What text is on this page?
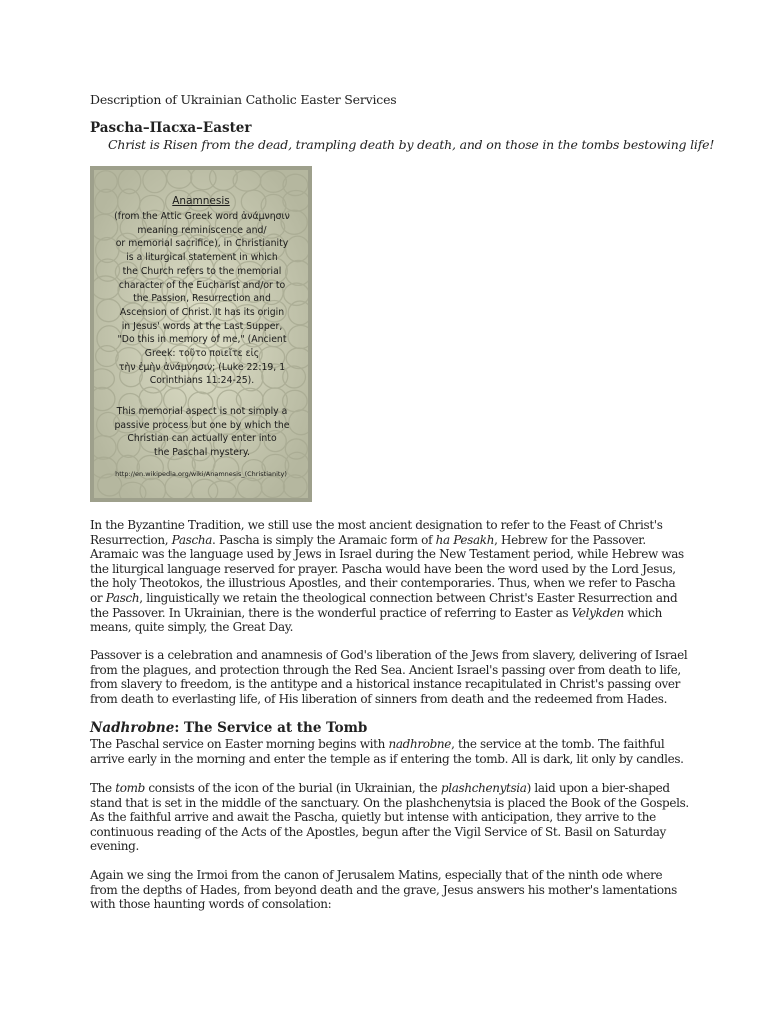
Description of Ukrainian Catholic Easter Services
Pascha–Пасха–Easter
Christ is Risen from the dead, trampling death by death, and on those in the tombs bestowing life!
Anamnesis
(from the Attic Greek word ἀνάμνησιν
meaning reminiscence and/
or memorial sacrifice), in Christianity
is a liturgical statement in which
the Church refers to the memorial
character of the Eucharist and/or to
the Passion, Resurrection and
Ascension of Christ. It has its origin
in Jesus' words at the Last Supper,
"Do this in memory of me," (Ancient
Greek: τοῦτο ποιεῖτε εἰς
τὴν ἐμὴν ἀνάμνησιν; (Luke 22:19, 1
Corinthians 11:24-25).
This memorial aspect is not simply a
passive process but one by which the
Christian can actually enter into
the Paschal mystery.
http://en.wikipedia.org/wiki/Anamnesis_(Christianity)
In the Byzantine Tradition, we still use the most ancient designation to refer to the Feast of Christ's Resurrection, Pascha. Pascha is simply the Aramaic form of ha Pesakh, Hebrew for the Passover. Aramaic was the language used by Jews in Israel during the New Testament period, while Hebrew was the liturgical language reserved for prayer. Pascha would have been the word used by the Lord Jesus, the holy Theotokos, the illustrious Apostles, and their contemporaries. Thus, when we refer to Pascha or Pasch, linguistically we retain the theological connection between Christ's Easter Resurrection and the Passover. In Ukrainian, there is the wonderful practice of referring to Easter as Velykden which means, quite simply, the Great Day.
Passover is a celebration and anamnesis of God's liberation of the Jews from slavery, delivering of Israel from the plagues, and protection through the Red Sea. Ancient Israel's passing over from death to life, from slavery to freedom, is the antitype and a historical instance recapitulated in Christ's passing over from death to everlasting life, of His liberation of sinners from death and the redeemed from Hades.
Nadhrobne: The Service at the Tomb
The Paschal service on Easter morning begins with nadhrobne, the service at the tomb. The faithful arrive early in the morning and enter the temple as if entering the tomb. All is dark, lit only by candles.
The tomb consists of the icon of the burial (in Ukrainian, the plashchenytsia) laid upon a bier-shaped stand that is set in the middle of the sanctuary. On the plashchenytsia is placed the Book of the Gospels. As the faithful arrive and await the Pascha, quietly but intense with anticipation, they arrive to the continuous reading of the Acts of the Apostles, begun after the Vigil Service of St. Basil on Saturday evening.
Again we sing the Irmoi from the canon of Jerusalem Matins, especially that of the ninth ode where from the depths of Hades, from beyond death and the grave, Jesus answers his mother's lamentations with those haunting words of consolation:
